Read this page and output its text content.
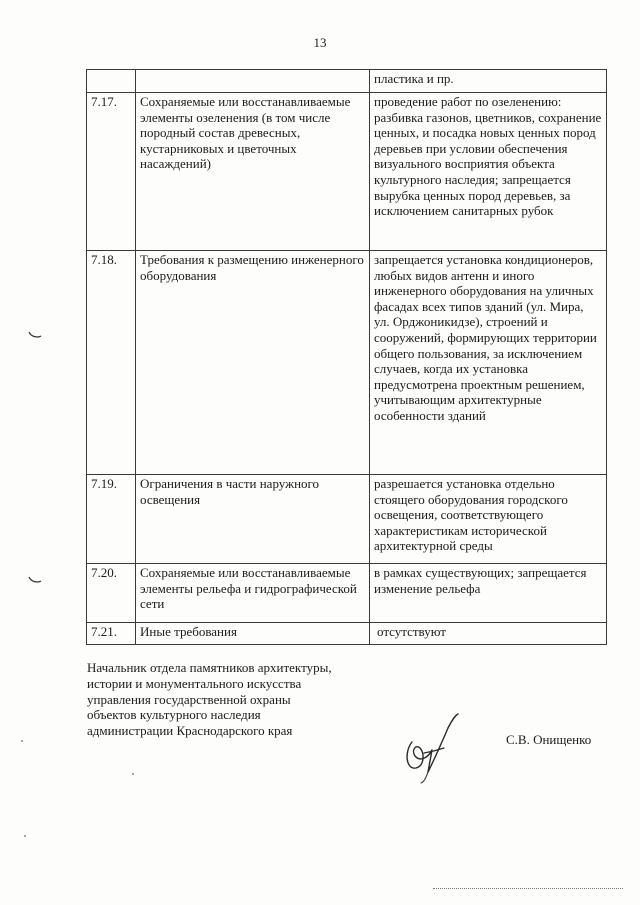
13
		пластика и пр.
7.17.	Сохраняемые или восстанавливаемые элементы озеленения (в том числе породный состав древесных, кустарниковых и цветочных насаждений)	проведение работ по озеленению: разбивка газонов, цветников, сохранение ценных, и посадка новых ценных пород деревьев при условии обеспечения визуального восприятия объекта культурного наследия; запрещается вырубка ценных пород деревьев, за исключением санитарных рубок
7.18.	Требования к размещению инженерного оборудования	запрещается установка кондиционеров, любых видов антенн и иного инженерного оборудования на уличных фасадах всех типов зданий (ул. Мира, ул. Орджоникидзе), строений и сооружений, формирующих территории общего пользования, за исключением случаев, когда их установка предусмотрена проектным решением, учитывающим архитектурные особенности зданий
7.19.	Ограничения в части наружного освещения	разрешается установка отдельно стоящего оборудования городского освещения, соответствующего характеристикам исторической архитектурной среды
7.20.	Сохраняемые или восстанавливаемые элементы рельефа и гидрографической сети	в рамках существующих; запрещается изменение рельефа
7.21.	Иные требования	отсутствуют
Начальник отдела памятников архитектуры,
истории и монументального искусства
управления государственной охраны
объектов культурного наследия
администрации Краснодарского края
С.В. Онищенко
